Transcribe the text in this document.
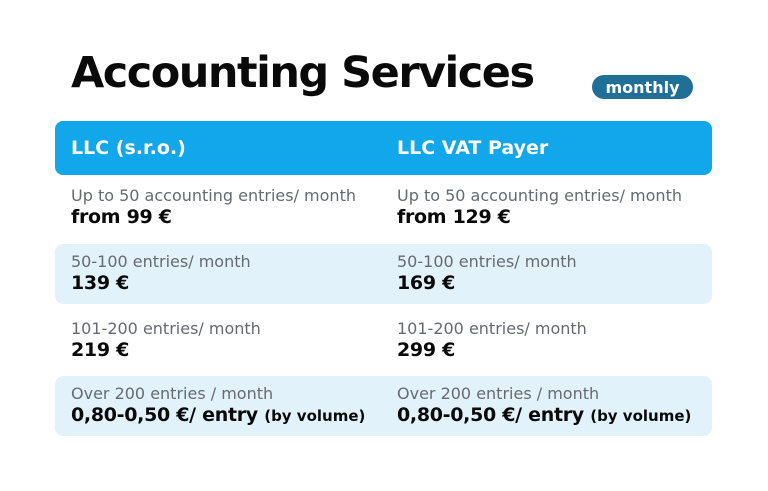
Accounting Services	monthly
LLC (s.r.o.)	LLC VAT Payer
Up to 50 accounting entries/ month
from 99 €
Up to 50 accounting entries/ month
from 129 €
50-100 entries/ month
139 €
50-100 entries/ month
169 €
101-200 entries/ month
219 €
101-200 entries/ month
299 €
Over 200 entries / month
0,80-0,50 €/ entry (by volume)
Over 200 entries / month
0,80-0,50 €/ entry (by volume)
